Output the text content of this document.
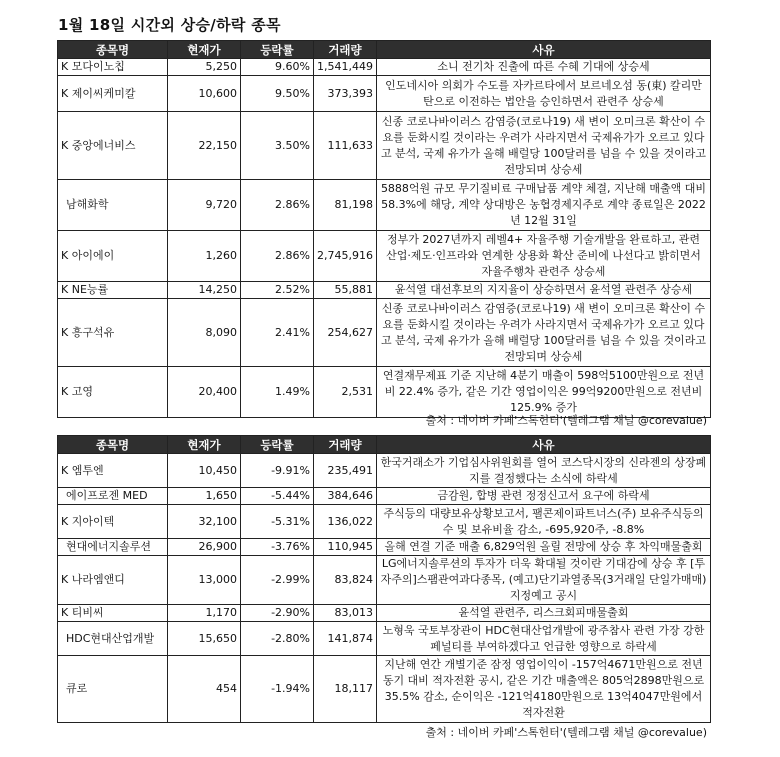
1월 18일 시간외 상승/하락 종목
종목명	현재가	등락률	거래량	사유
K 모다이노칩	5,250	9.60%	1,541,449	소니 전기차 진출에 따른 수혜 기대에 상승세
K 제이씨케미칼	10,600	9.50%	373,393	인도네시아 의회가 수도를 자카르타에서 보르네오섬 동(東) 칼리만탄으로 이전하는 법안을 승인하면서 관련주 상승세
K 중앙에너비스	22,150	3.50%	111,633	신종 코로나바이러스 감염증(코로나19) 새 변이 오미크론 확산이 수요를 둔화시킬 것이라는 우려가 사라지면서 국제유가가 오르고 있다고 분석, 국제 유가가 올해 배럴당 100달러를 넘을 수 있을 것이라고 전망되며 상승세
남해화학	9,720	2.86%	81,198	5888억원 규모 무기질비료 구매납품 계약 체결, 지난해 매출액 대비 58.3%에 해당, 계약 상대방은 농협경제지주로 계약 종료일은 2022년 12월 31일
K 아이에이	1,260	2.86%	2,745,916	정부가 2027년까지 레벨4+ 자율주행 기술개발을 완료하고, 관련 산업·제도·인프라와 연계한 상용화 확산 준비에 나선다고 밝히면서 자율주행차 관련주 상승세
K NE능률	14,250	2.52%	55,881	윤석열 대선후보의 지지율이 상승하면서 윤석열 관련주 상승세
K 흥구석유	8,090	2.41%	254,627	신종 코로나바이러스 감염증(코로나19) 새 변이 오미크론 확산이 수요를 둔화시킬 것이라는 우려가 사라지면서 국제유가가 오르고 있다고 분석, 국제 유가가 올해 배럴당 100달러를 넘을 수 있을 것이라고 전망되며 상승세
K 고영	20,400	1.49%	2,531	연결재무제표 기준 지난해 4분기 매출이 598억5100만원으로 전년비 22.4% 증가, 같은 기간 영업이익은 99억9200만원으로 전년비 125.9% 증가
출처 : 네이버 카페'스톡헌터'(텔레그램 채널 @corevalue)
종목명	현재가	등락률	거래량	사유
K 엠투엔	10,450	-9.91%	235,491	한국거래소가 기업심사위원회를 열어 코스닥시장의 신라젠의 상장폐지를 결정했다는 소식에 하락세
에이프로젠 MED	1,650	-5.44%	384,646	금감원, 합병 관련 정정신고서 요구에 하락세
K 지아이텍	32,100	-5.31%	136,022	주식등의 대량보유상황보고서, 팰콘제이파트너스(주) 보유주식등의 수 및 보유비율 감소, -695,920주, -8.8%
현대에너지솔루션	26,900	-3.76%	110,945	올해 연결 기준 매출 6,829억원 올릴 전망에 상승 후 차익매물출회
K 나라엠앤디	13,000	-2.99%	83,824	LG에너지솔루션의 투자가 더욱 확대될 것이란 기대감에 상승 후 [투자주의]스팸관여과다종목, (예고)단기과열종목(3거래일 단일가매매) 지정예고 공시
K 티비씨	1,170	-2.90%	83,013	윤석열 관련주, 리스크회피매물출회
HDC현대산업개발	15,650	-2.80%	141,874	노형욱 국토부장관이 HDC현대산업개발에 광주참사 관련 가장 강한 페널티를 부여하겠다고 언급한 영향으로 하락세
큐로	454	-1.94%	18,117	지난해 연간 개별기준 잠정 영업이익이 -157억4671만원으로 전년동기 대비 적자전환 공시, 같은 기간 매출액은 805억2898만원으로 35.5% 감소, 순이익은 -121억4180만원으로 13억4047만원에서 적자전환
출처 : 네이버 카페'스톡헌터'(텔레그램 채널 @corevalue)
